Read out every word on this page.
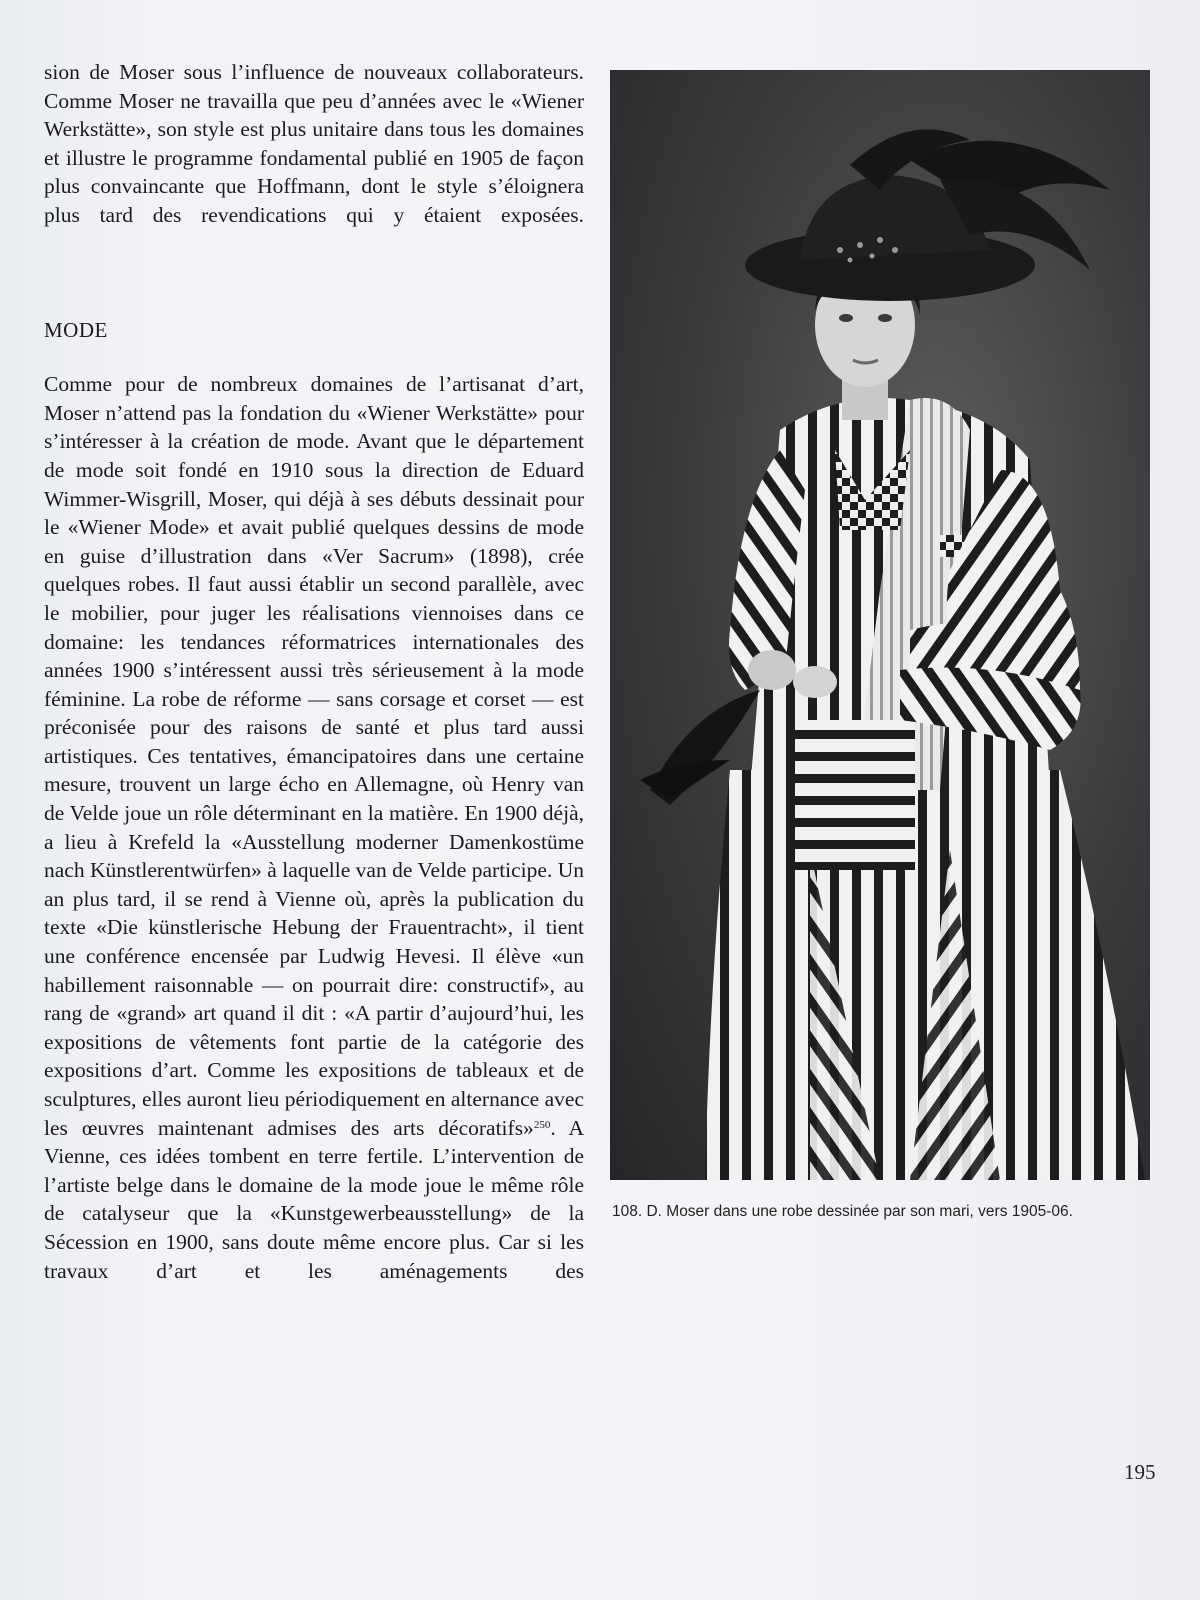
sion de Moser sous l’influence de nouveaux collaborateurs. Comme Moser ne travailla que peu d’années avec le «Wiener Werkstätte», son style est plus unitaire dans tous les domaines et illustre le programme fondamental publié en 1905 de façon plus convaincante que Hoffmann, dont le style s’éloignera plus tard des revendications qui y étaient exposées.

MODE

Comme pour de nombreux domaines de l’artisanat d’art, Moser n’attend pas la fondation du «Wiener Werkstätte» pour s’intéresser à la création de mode. Avant que le département de mode soit fondé en 1910 sous la direction de Eduard Wimmer-Wisgrill, Moser, qui déjà à ses débuts dessinait pour le «Wiener Mode» et avait publié quelques dessins de mode en guise d’illustration dans «Ver Sacrum» (1898), crée quelques robes. Il faut aussi établir un second parallèle, avec le mobilier, pour juger les réalisations viennoises dans ce domaine: les tendances réformatrices internationales des années 1900 s’intéressent aussi très sérieusement à la mode féminine. La robe de réforme — sans corsage et corset — est préconisée pour des raisons de santé et plus tard aussi artistiques. Ces tentatives, émancipatoires dans une certaine mesure, trouvent un large écho en Allemagne, où Henry van de Velde joue un rôle déterminant en la matière. En 1900 déjà, a lieu à Krefeld la «Ausstellung moderner Damenkostüme nach Künstlerentwürfen» à laquelle van de Velde participe. Un an plus tard, il se rend à Vienne où, après la publication du texte «Die künstlerische Hebung der Frauentracht», il tient une conférence encensée par Ludwig Hevesi. Il élève «un habillement raisonnable — on pourrait dire: constructif», au rang de «grand» art quand il dit : «A partir d’aujourd’hui, les expositions de vêtements font partie de la catégorie des expositions d’art. Comme les expositions de tableaux et de sculptures, elles auront lieu périodiquement en alternance avec les œuvres maintenant admises des arts décoratifs»$^{250}$. A Vienne, ces idées tombent en terre fertile. L’intervention de l’artiste belge dans le domaine de la mode joue le même rôle de catalyseur que la «Kunstgewerbeausstellung» de la Sécession en 1900, sans doute même encore plus. Car si les travaux d’art et les aménagements des

108. D. Moser dans une robe dessinée par son mari, vers 1905-06.
195
